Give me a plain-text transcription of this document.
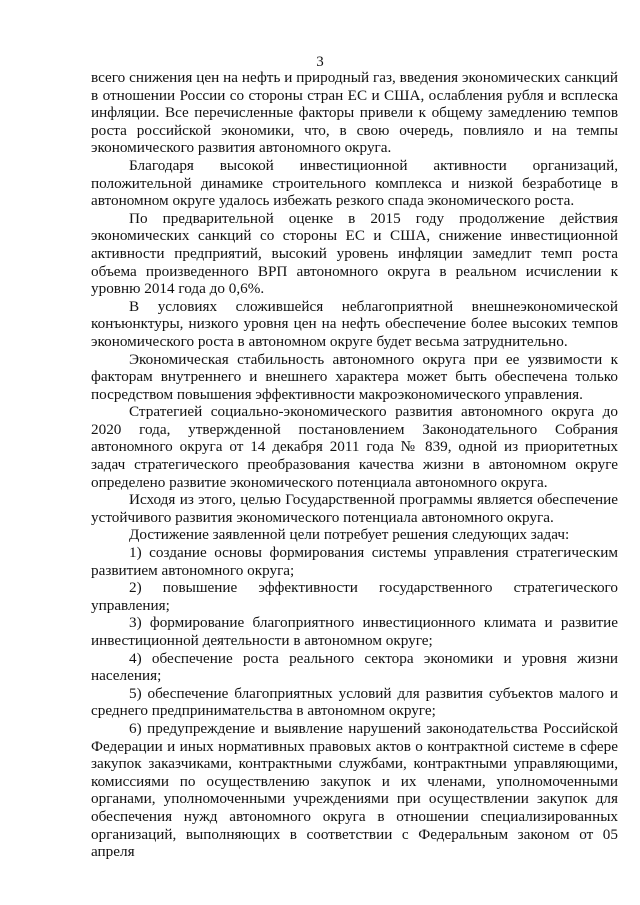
3

всего снижения цен на нефть и природный газ, введения экономических санкций в отношении России со стороны стран ЕС и США, ослабления рубля и всплеска инфляции. Все перечисленные факторы привели к общему замедлению темпов роста российской экономики, что, в свою очередь, повлияло и на темпы экономического развития автономного округа.

Благодаря высокой инвестиционной активности организаций, положительной динамике строительного комплекса и низкой безработице в автономном округе удалось избежать резкого спада экономического роста.

По предварительной оценке в 2015 году продолжение действия экономических санкций со стороны ЕС и США, снижение инвестиционной активности предприятий, высокий уровень инфляции замедлит темп роста объема произведенного ВРП автономного округа в реальном исчислении к уровню 2014 года до 0,6%.

В условиях сложившейся неблагоприятной внешнеэкономической конъюнктуры, низкого уровня цен на нефть обеспечение более высоких темпов экономического роста в автономном округе будет весьма затруднительно.

Экономическая стабильность автономного округа при ее уязвимости к факторам внутреннего и внешнего характера может быть обеспечена только посредством повышения эффективности макроэкономического управления.

Стратегией социально-экономического развития автономного округа до 2020 года, утвержденной постановлением Законодательного Собрания автономного округа от 14 декабря 2011 года № 839, одной из приоритетных задач стратегического преобразования качества жизни в автономном округе определено развитие экономического потенциала автономного округа.

Исходя из этого, целью Государственной программы является обеспечение устойчивого развития экономического потенциала автономного округа.

Достижение заявленной цели потребует решения следующих задач:

1) создание основы формирования системы управления стратегическим развитием автономного округа;

2) повышение эффективности государственного стратегического управления;

3) формирование благоприятного инвестиционного климата и развитие инвестиционной деятельности в автономном округе;

4) обеспечение роста реального сектора экономики и уровня жизни населения;

5) обеспечение благоприятных условий для развития субъектов малого и среднего предпринимательства в автономном округе;

6) предупреждение и выявление нарушений законодательства Российской Федерации и иных нормативных правовых актов о контрактной системе в сфере закупок заказчиками, контрактными службами, контрактными управляющими, комиссиями по осуществлению закупок и их членами, уполномоченными органами, уполномоченными учреждениями при осуществлении закупок для обеспечения нужд автономного округа в отношении специализированных организаций, выполняющих в соответствии с Федеральным законом от 05 апреля
